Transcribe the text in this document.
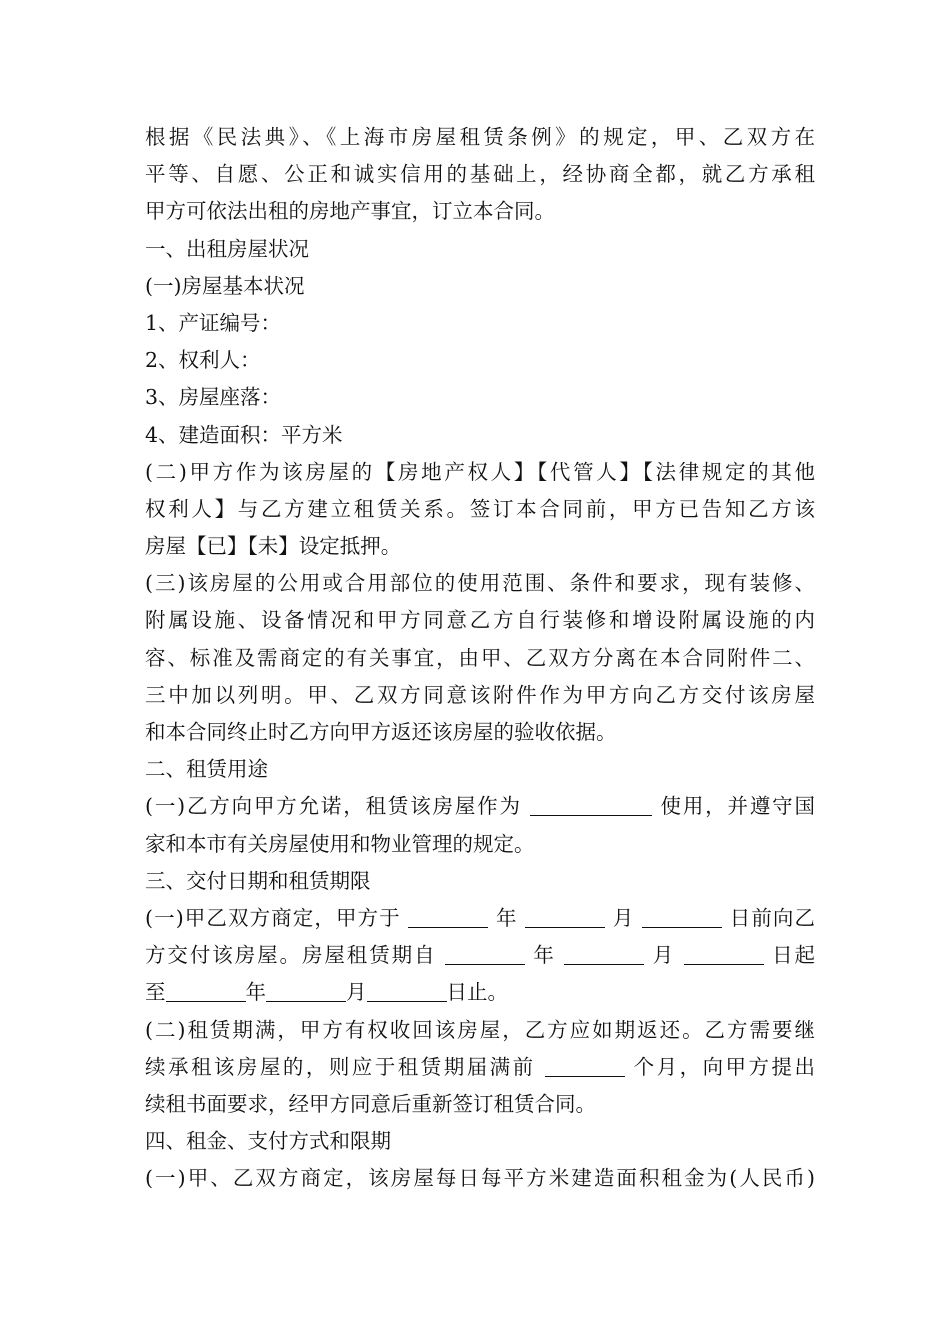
根据《民法典》、《上海市房屋租赁条例》的规定，甲、乙双方在
平等、自愿、公正和诚实信用的基础上，经协商全都，就乙方承租
甲方可依法出租的房地产事宜，订立本合同。
一、出租房屋状况
(一)房屋基本状况
1、产证编号：
2、权利人：
3、房屋座落：
4、建造面积：平方米
(二)甲方作为该房屋的【房地产权人】【代管人】【法律规定的其他
权利人】与乙方建立租赁关系。签订本合同前，甲方已告知乙方该
房屋【已】【未】设定抵押。
(三)该房屋的公用或合用部位的使用范围、条件和要求，现有装修、
附属设施、设备情况和甲方同意乙方自行装修和增设附属设施的内
容、标准及需商定的有关事宜，由甲、乙双方分离在本合同附件二、
三中加以列明。甲、乙双方同意该附件作为甲方向乙方交付该房屋
和本合同终止时乙方向甲方返还该房屋的验收依据。
二、租赁用途
(一)乙方向甲方允诺，租赁该房屋作为	使用，并遵守国
家和本市有关房屋使用和物业管理的规定。
三、交付日期和租赁期限
(一)甲乙双方商定，甲方于	年	月	日前向乙
方交付该房屋。房屋租赁期自	年	月	日起
至	年	月	日止。
(二)租赁期满，甲方有权收回该房屋，乙方应如期返还。乙方需要继
续承租该房屋的，则应于租赁期届满前	个月，向甲方提出
续租书面要求，经甲方同意后重新签订租赁合同。
四、租金、支付方式和限期
(一)甲、乙双方商定，该房屋每日每平方米建造面积租金为(人民币)
